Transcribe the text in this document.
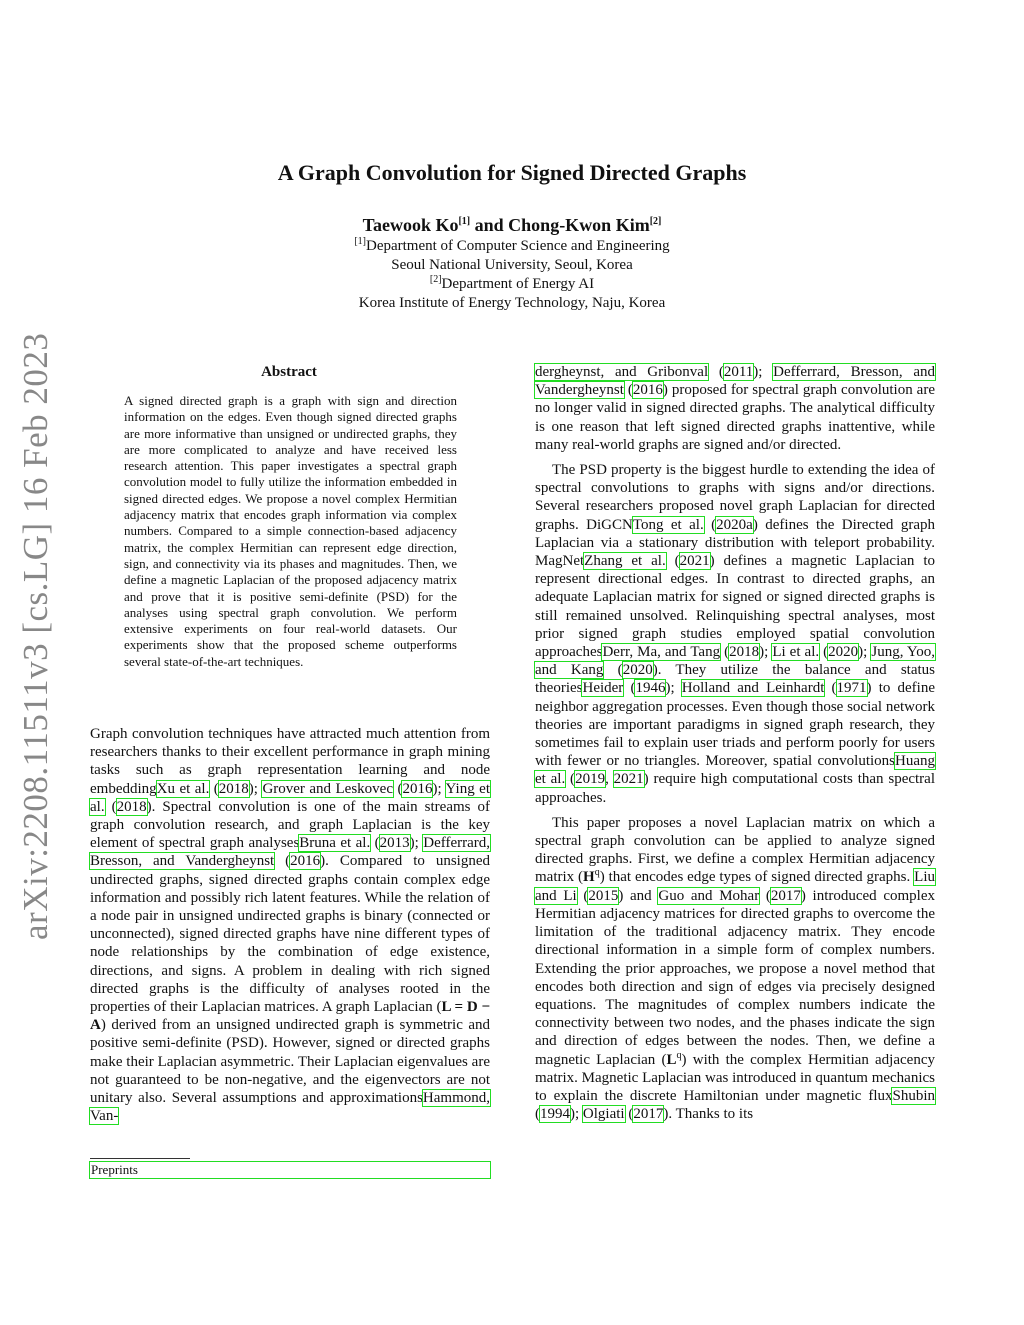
arXiv:2208.11511v3 [cs.LG] 16 Feb 2023
A Graph Convolution for Signed Directed Graphs
Taewook Ko[1] and Chong-Kwon Kim[2]
[1]Department of Computer Science and Engineering
Seoul National University, Seoul, Korea
[2]Department of Energy AI
Korea Institute of Energy Technology, Naju, Korea
Abstract
A signed directed graph is a graph with sign and direction information on the edges. Even though signed directed graphs are more informative than unsigned or undirected graphs, they are more complicated to analyze and have received less research attention. This paper investigates a spectral graph convolution model to fully utilize the information embedded in signed directed edges. We propose a novel complex Hermitian adjacency matrix that encodes graph information via complex numbers. Compared to a simple connection-based adjacency matrix, the complex Hermitian can represent edge direction, sign, and connectivity via its phases and magnitudes. Then, we define a magnetic Laplacian of the proposed adjacency matrix and prove that it is positive semi-definite (PSD) for the analyses using spectral graph convolution. We perform extensive experiments on four real-world datasets. Our experiments show that the proposed scheme outperforms several state-of-the-art techniques.

Graph convolution techniques have attracted much attention from researchers thanks to their excellent performance in graph mining tasks such as graph representation learning and node embeddingXu et al. (2018); Grover and Leskovec (2016); Ying et al. (2018). Spectral convolution is one of the main streams of graph convolution research, and graph Laplacian is the key element of spectral graph analysesBruna et al. (2013); Defferrard, Bresson, and Vandergheynst (2016). Compared to unsigned undirected graphs, signed directed graphs contain complex edge information and possibly rich latent features. While the relation of a node pair in unsigned undirected graphs is binary (connected or unconnected), signed directed graphs have nine different types of node relationships by the combination of edge existence, directions, and signs. A problem in dealing with rich signed directed graphs is the difficulty of analyses rooted in the properties of their Laplacian matrices. A graph Laplacian (L = D − A) derived from an unsigned undirected graph is symmetric and positive semi-definite (PSD). However, signed or directed graphs make their Laplacian asymmetric. Their Laplacian eigenvalues are not guaranteed to be non-negative, and the eigenvectors are not unitary also. Several assumptions and approximationsHammond, Van-

Preprints

dergheynst, and Gribonval (2011); Defferrard, Bresson, and Vandergheynst (2016) proposed for spectral graph convolution are no longer valid in signed directed graphs. The analytical difficulty is one reason that left signed directed graphs inattentive, while many real-world graphs are signed and/or directed.

The PSD property is the biggest hurdle to extending the idea of spectral convolutions to graphs with signs and/or directions. Several researchers proposed novel graph Laplacian for directed graphs. DiGCNTong et al. (2020a) defines the Directed graph Laplacian via a stationary distribution with teleport probability. MagNetZhang et al. (2021) defines a magnetic Laplacian to represent directional edges. In contrast to directed graphs, an adequate Laplacian matrix for signed or signed directed graphs is still remained unsolved. Relinquishing spectral analyses, most prior signed graph studies employed spatial convolution approachesDerr, Ma, and Tang (2018); Li et al. (2020); Jung, Yoo, and Kang (2020). They utilize the balance and status theoriesHeider (1946); Holland and Leinhardt (1971) to define neighbor aggregation processes. Even though those social network theories are important paradigms in signed graph research, they sometimes fail to explain user triads and perform poorly for users with fewer or no triangles. Moreover, spatial convolutionsHuang et al. (2019, 2021) require high computational costs than spectral approaches.

This paper proposes a novel Laplacian matrix on which a spectral graph convolution can be applied to analyze signed directed graphs. First, we define a complex Hermitian adjacency matrix $(H^q)$ that encodes edge types of signed directed graphs. Liu and Li (2015) and Guo and Mohar (2017) introduced complex Hermitian adjacency matrices for directed graphs to overcome the limitation of the traditional adjacency matrix. They encode directional information in a simple form of complex numbers. Extending the prior approaches, we propose a novel method that encodes both direction and sign of edges via precisely designed equations. The magnitudes of complex numbers indicate the connectivity between two nodes, and the phases indicate the sign and direction of edges between the nodes. Then, we define a magnetic Laplacian $(L^q)$ with the complex Hermitian adjacency matrix. Magnetic Laplacian was introduced in quantum mechanics to explain the discrete Hamiltonian under magnetic fluxShubin (1994); Olgiati (2017). Thanks to its
